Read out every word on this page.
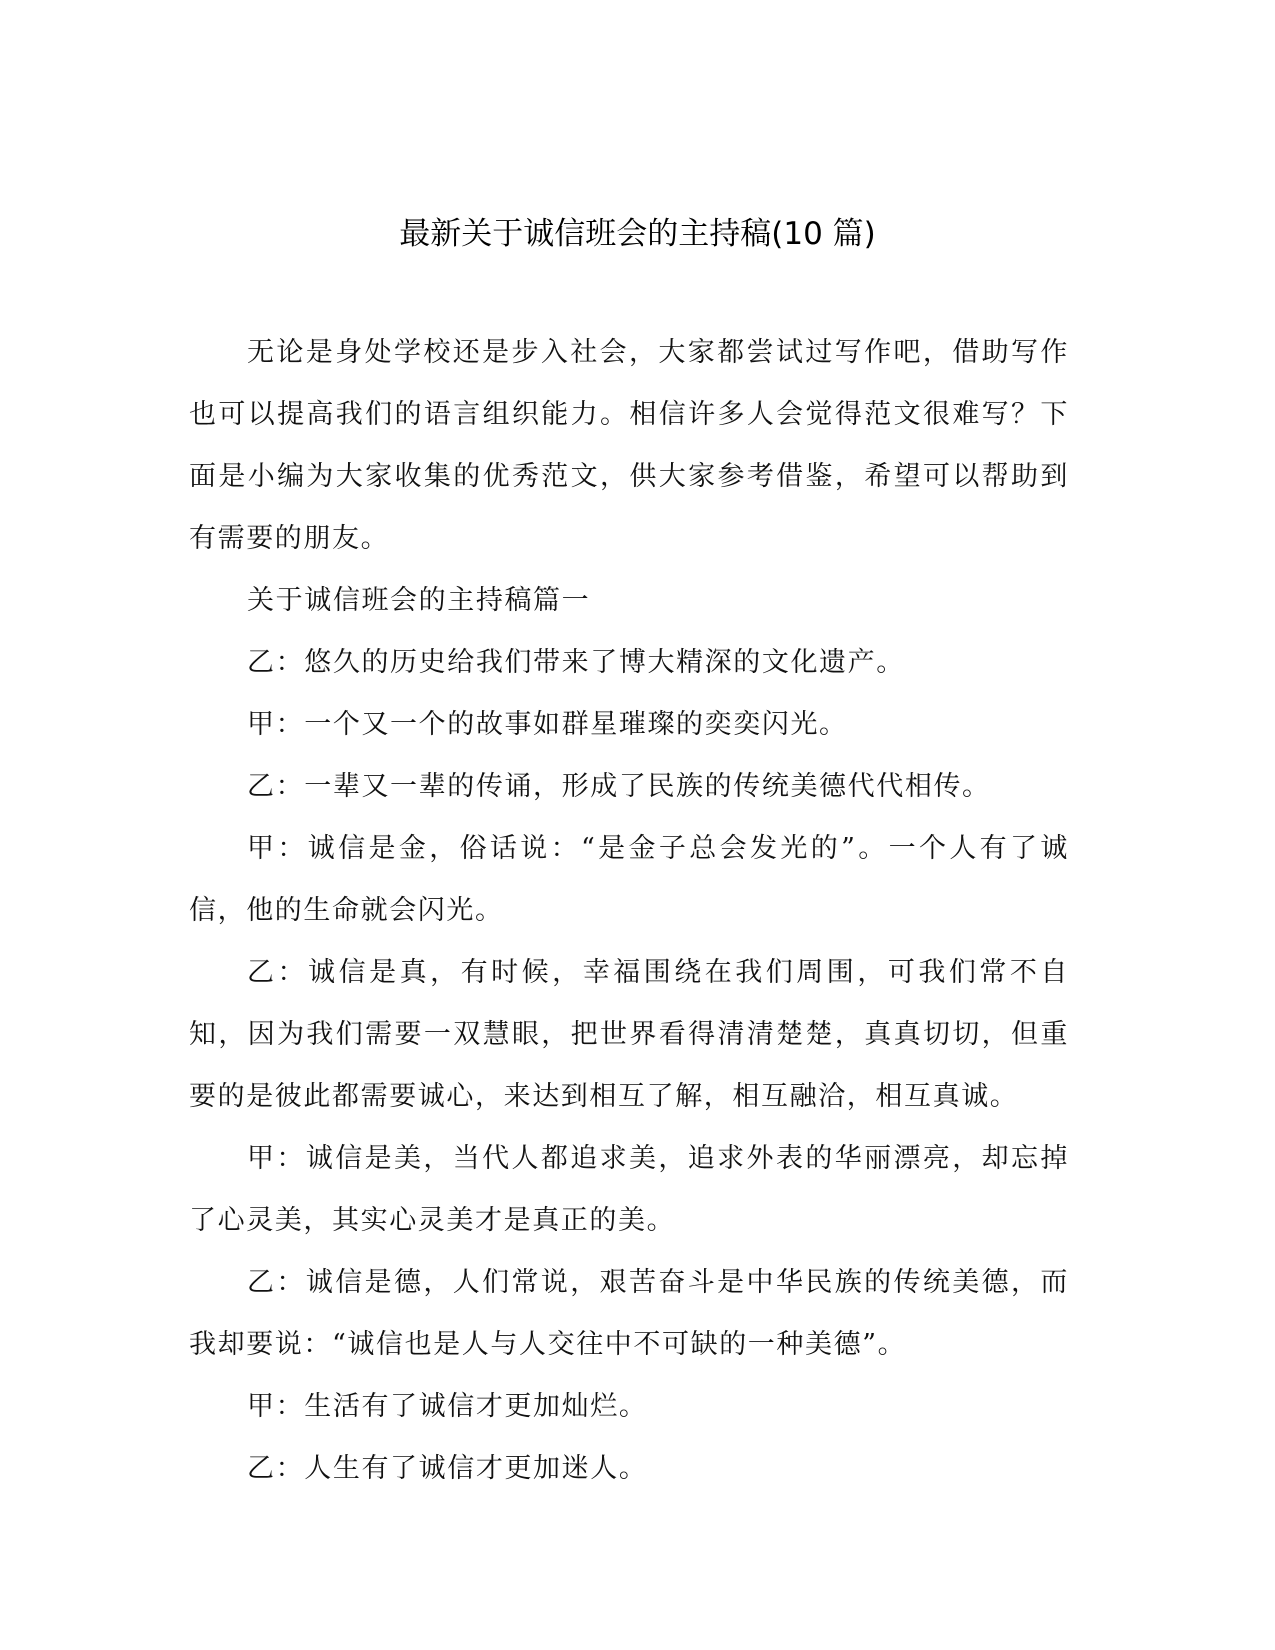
最新关于诚信班会的主持稿(10 篇)

无论是身处学校还是步入社会，大家都尝试过写作吧，借助写作也可以提高我们的语言组织能力。相信许多人会觉得范文很难写？下面是小编为大家收集的优秀范文，供大家参考借鉴，希望可以帮助到有需要的朋友。

关于诚信班会的主持稿篇一

乙：悠久的历史给我们带来了博大精深的文化遗产。

甲：一个又一个的故事如群星璀璨的奕奕闪光。

乙：一辈又一辈的传诵，形成了民族的传统美德代代相传。

甲：诚信是金，俗话说：“是金子总会发光的”。一个人有了诚信，他的生命就会闪光。

乙：诚信是真，有时候，幸福围绕在我们周围，可我们常不自知，因为我们需要一双慧眼，把世界看得清清楚楚，真真切切，但重要的是彼此都需要诚心，来达到相互了解，相互融洽，相互真诚。

甲：诚信是美，当代人都追求美，追求外表的华丽漂亮，却忘掉了心灵美，其实心灵美才是真正的美。

乙：诚信是德，人们常说，艰苦奋斗是中华民族的传统美德，而我却要说：“诚信也是人与人交往中不可缺的一种美德”。

甲：生活有了诚信才更加灿烂。

乙：人生有了诚信才更加迷人。
